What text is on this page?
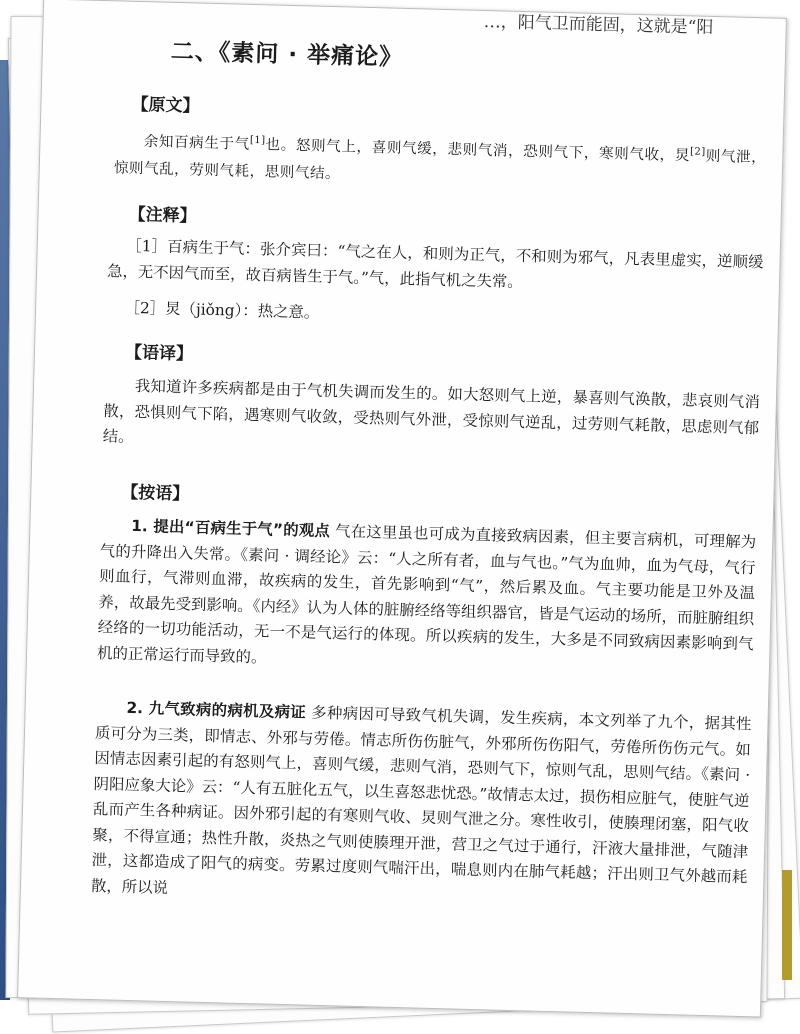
…，阳气卫而能固，这就是“阳
二、《素问 · 举痛论》
【原文】
余知百病生于气[1]也。怒则气上，喜则气缓，悲则气消，恐则气下，寒则气收，炅[2]则气泄，惊则气乱，劳则气耗，思则气结。
【注释】
［1］百病生于气：张介宾曰：“气之在人，和则为正气，不和则为邪气，凡表里虚实，逆顺缓急，无不因气而至，故百病皆生于气。”气，此指气机之失常。
［2］炅（jiǒng）：热之意。
【语译】
我知道许多疾病都是由于气机失调而发生的。如大怒则气上逆，暴喜则气涣散，悲哀则气消散，恐惧则气下陷，遇寒则气收敛，受热则气外泄，受惊则气逆乱，过劳则气耗散，思虑则气郁结。
【按语】
1. 提出“百病生于气”的观点 气在这里虽也可成为直接致病因素，但主要言病机，可理解为气的升降出入失常。《素问 · 调经论》云：“人之所有者，血与气也。”气为血帅，血为气母，气行则血行，气滞则血滞，故疾病的发生，首先影响到“气”，然后累及血。气主要功能是卫外及温养，故最先受到影响。《内经》认为人体的脏腑经络等组织器官，皆是气运动的场所，而脏腑组织经络的一切功能活动，无一不是气运行的体现。所以疾病的发生，大多是不同致病因素影响到气机的正常运行而导致的。
2. 九气致病的病机及病证 多种病因可导致气机失调，发生疾病，本文列举了九个，据其性质可分为三类，即情志、外邪与劳倦。情志所伤伤脏气，外邪所伤伤阳气，劳倦所伤伤元气。如因情志因素引起的有怒则气上，喜则气缓，悲则气消，恐则气下，惊则气乱，思则气结。《素问 · 阴阳应象大论》云：“人有五脏化五气，以生喜怒悲忧恐。”故情志太过，损伤相应脏气，使脏气逆乱而产生各种病证。因外邪引起的有寒则气收、炅则气泄之分。寒性收引，使腠理闭塞，阳气收聚，不得宣通；热性升散，炎热之气则使腠理开泄，营卫之气过于通行，汗液大量排泄，气随津泄，这都造成了阳气的病变。劳累过度则气喘汗出，喘息则内在肺气耗越；汗出则卫气外越而耗散，所以说
